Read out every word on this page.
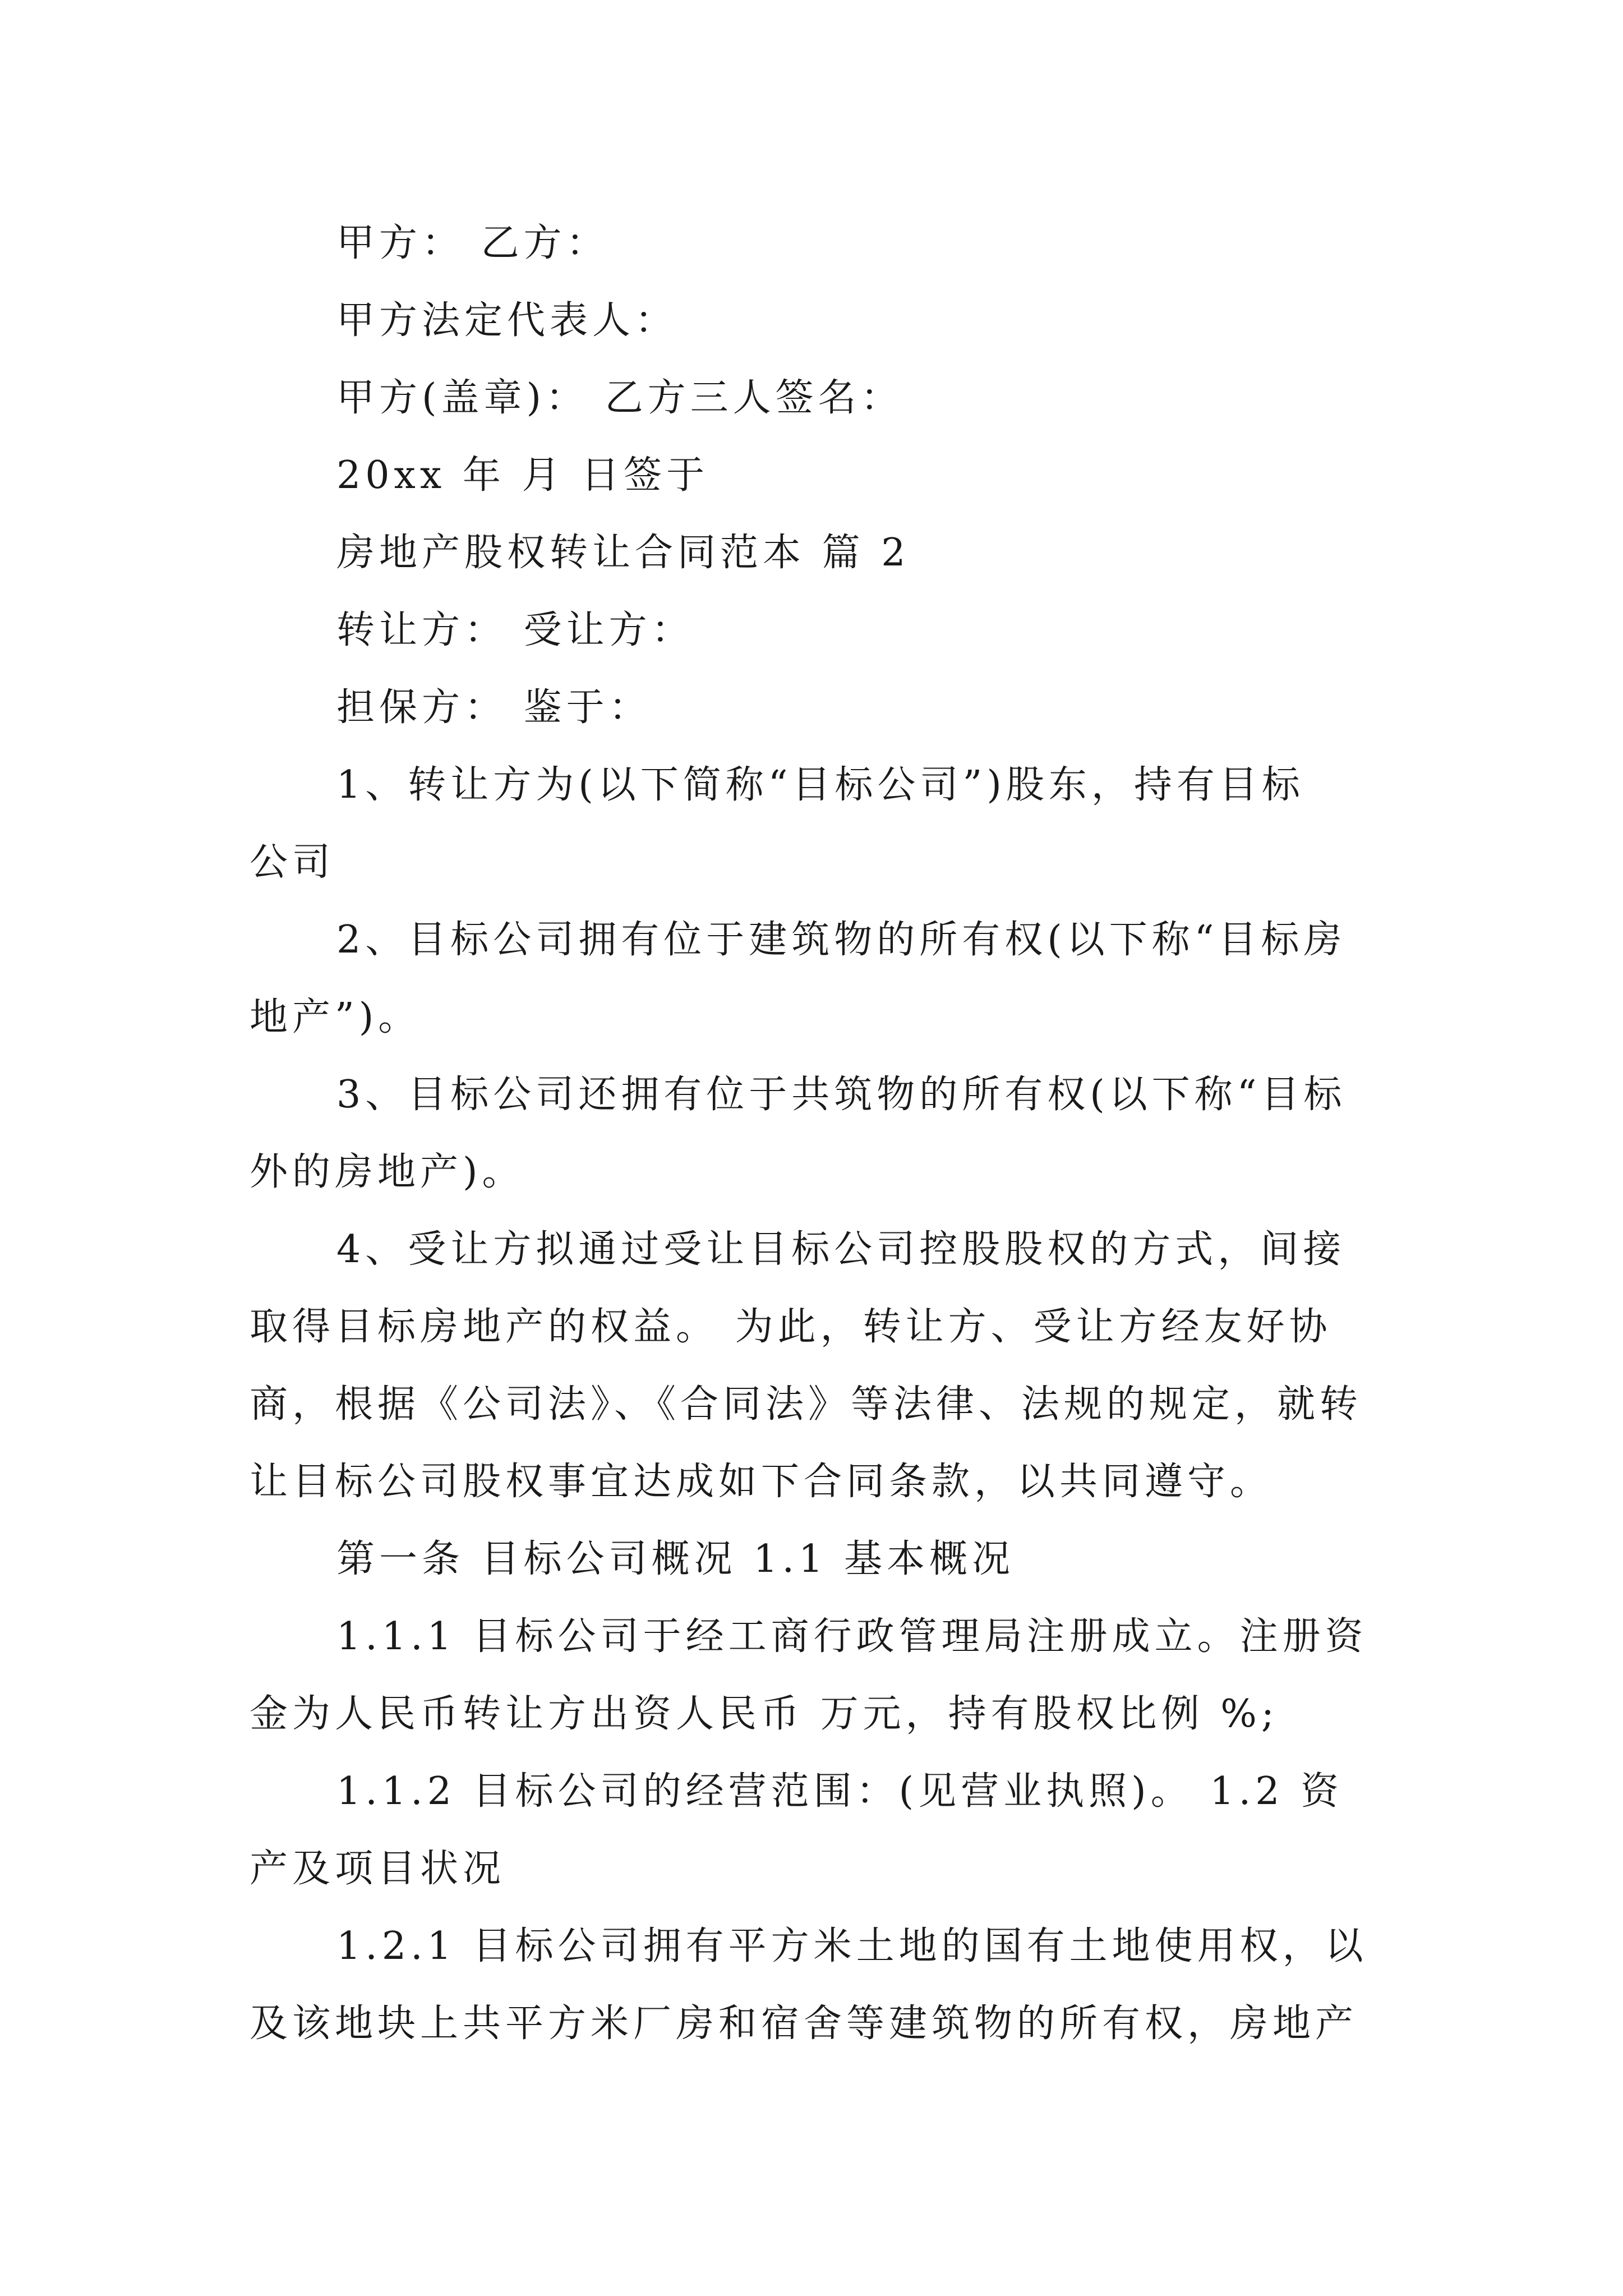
甲方： 乙方：
甲方法定代表人：
甲方(盖章)： 乙方三人签名：
20xx 年 月 日签于
房地产股权转让合同范本 篇 2
转让方： 受让方：
担保方： 鉴于：
1、转让方为(以下简称“目标公司”)股东，持有目标
公司
2、目标公司拥有位于建筑物的所有权(以下称“目标房
地产”)。
3、目标公司还拥有位于共筑物的所有权(以下称“目标
外的房地产)。
4、受让方拟通过受让目标公司控股股权的方式，间接
取得目标房地产的权益。 为此，转让方、受让方经友好协
商，根据《公司法》、《合同法》等法律、法规的规定，就转
让目标公司股权事宜达成如下合同条款，以共同遵守。
第一条 目标公司概况 1.1 基本概况
1.1.1 目标公司于经工商行政管理局注册成立。注册资
金为人民币转让方出资人民币 万元，持有股权比例 %;
1.1.2 目标公司的经营范围：(见营业执照)。 1.2 资
产及项目状况
1.2.1 目标公司拥有平方米土地的国有土地使用权，以
及该地块上共平方米厂房和宿舍等建筑物的所有权，房地产
